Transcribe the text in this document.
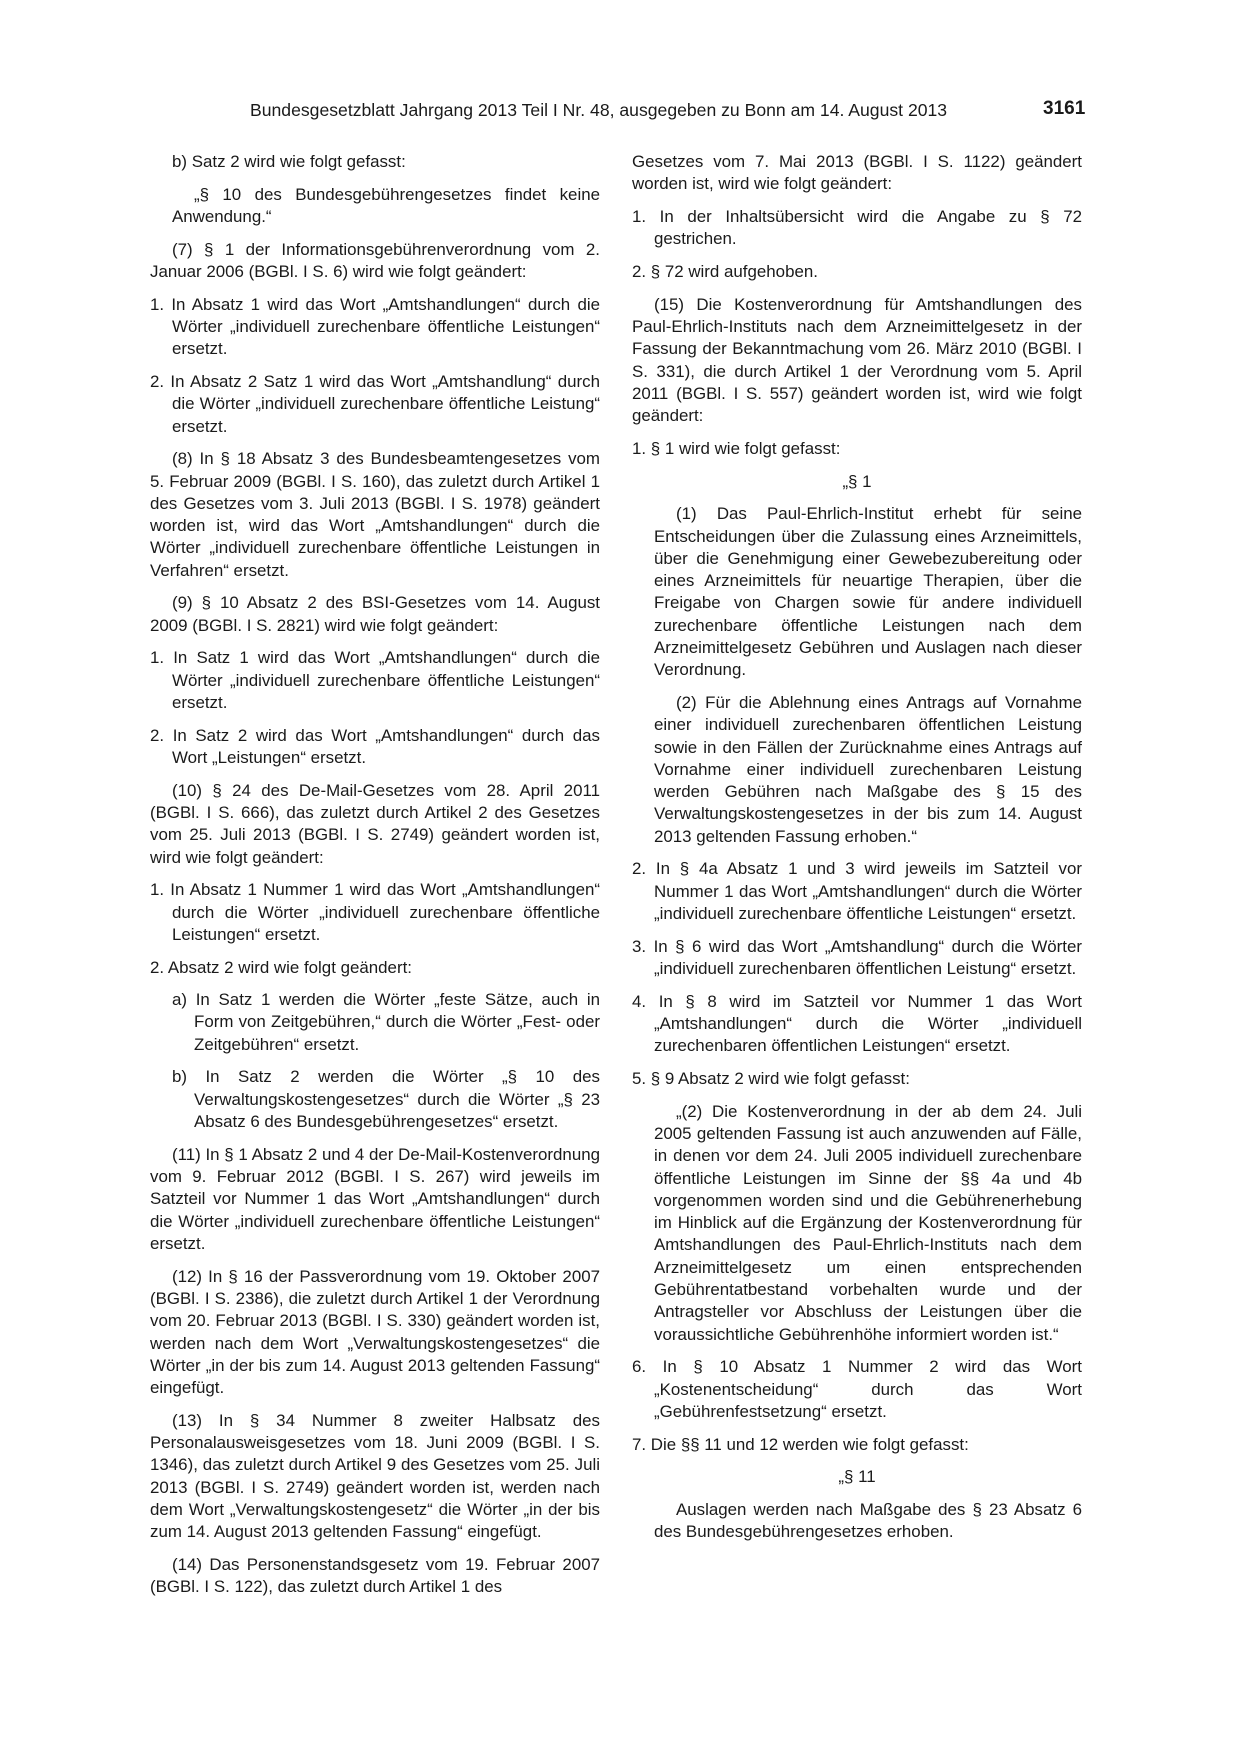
Bundesgesetzblatt Jahrgang 2013 Teil I Nr. 48, ausgegeben zu Bonn am 14. August 2013	3161

b) Satz 2 wird wie folgt gefasst:

„§ 10 des Bundesgebührengesetzes findet keine Anwendung.“

(7) § 1 der Informationsgebührenverordnung vom 2. Januar 2006 (BGBl. I S. 6) wird wie folgt geändert:

1. In Absatz 1 wird das Wort „Amtshandlungen“ durch die Wörter „individuell zurechenbare öffentliche Leistungen“ ersetzt.

2. In Absatz 2 Satz 1 wird das Wort „Amtshandlung“ durch die Wörter „individuell zurechenbare öffentliche Leistung“ ersetzt.

(8) In § 18 Absatz 3 des Bundesbeamtengesetzes vom 5. Februar 2009 (BGBl. I S. 160), das zuletzt durch Artikel 1 des Gesetzes vom 3. Juli 2013 (BGBl. I S. 1978) geändert worden ist, wird das Wort „Amtshandlungen“ durch die Wörter „individuell zurechenbare öffentliche Leistungen in Verfahren“ ersetzt.

(9) § 10 Absatz 2 des BSI-Gesetzes vom 14. August 2009 (BGBl. I S. 2821) wird wie folgt geändert:

1. In Satz 1 wird das Wort „Amtshandlungen“ durch die Wörter „individuell zurechenbare öffentliche Leistungen“ ersetzt.

2. In Satz 2 wird das Wort „Amtshandlungen“ durch das Wort „Leistungen“ ersetzt.

(10) § 24 des De-Mail-Gesetzes vom 28. April 2011 (BGBl. I S. 666), das zuletzt durch Artikel 2 des Gesetzes vom 25. Juli 2013 (BGBl. I S. 2749) geändert worden ist, wird wie folgt geändert:

1. In Absatz 1 Nummer 1 wird das Wort „Amtshandlungen“ durch die Wörter „individuell zurechenbare öffentliche Leistungen“ ersetzt.

2. Absatz 2 wird wie folgt geändert:

a) In Satz 1 werden die Wörter „feste Sätze, auch in Form von Zeitgebühren,“ durch die Wörter „Fest- oder Zeitgebühren“ ersetzt.

b) In Satz 2 werden die Wörter „§ 10 des Verwaltungskostengesetzes“ durch die Wörter „§ 23 Absatz 6 des Bundesgebührengesetzes“ ersetzt.

(11) In § 1 Absatz 2 und 4 der De-Mail-Kostenverordnung vom 9. Februar 2012 (BGBl. I S. 267) wird jeweils im Satzteil vor Nummer 1 das Wort „Amtshandlungen“ durch die Wörter „individuell zurechenbare öffentliche Leistungen“ ersetzt.

(12) In § 16 der Passverordnung vom 19. Oktober 2007 (BGBl. I S. 2386), die zuletzt durch Artikel 1 der Verordnung vom 20. Februar 2013 (BGBl. I S. 330) geändert worden ist, werden nach dem Wort „Verwaltungskostengesetzes“ die Wörter „in der bis zum 14. August 2013 geltenden Fassung“ eingefügt.

(13) In § 34 Nummer 8 zweiter Halbsatz des Personalausweisgesetzes vom 18. Juni 2009 (BGBl. I S. 1346), das zuletzt durch Artikel 9 des Gesetzes vom 25. Juli 2013 (BGBl. I S. 2749) geändert worden ist, werden nach dem Wort „Verwaltungskostengesetz“ die Wörter „in der bis zum 14. August 2013 geltenden Fassung“ eingefügt.

(14) Das Personenstandsgesetz vom 19. Februar 2007 (BGBl. I S. 122), das zuletzt durch Artikel 1 des

Gesetzes vom 7. Mai 2013 (BGBl. I S. 1122) geändert worden ist, wird wie folgt geändert:

1. In der Inhaltsübersicht wird die Angabe zu § 72 gestrichen.

2. § 72 wird aufgehoben.

(15) Die Kostenverordnung für Amtshandlungen des Paul-Ehrlich-Instituts nach dem Arzneimittelgesetz in der Fassung der Bekanntmachung vom 26. März 2010 (BGBl. I S. 331), die durch Artikel 1 der Verordnung vom 5. April 2011 (BGBl. I S. 557) geändert worden ist, wird wie folgt geändert:

1. § 1 wird wie folgt gefasst:

„§ 1

(1) Das Paul-Ehrlich-Institut erhebt für seine Entscheidungen über die Zulassung eines Arzneimittels, über die Genehmigung einer Gewebezubereitung oder eines Arzneimittels für neuartige Therapien, über die Freigabe von Chargen sowie für andere individuell zurechenbare öffentliche Leistungen nach dem Arzneimittelgesetz Gebühren und Auslagen nach dieser Verordnung.

(2) Für die Ablehnung eines Antrags auf Vornahme einer individuell zurechenbaren öffentlichen Leistung sowie in den Fällen der Zurücknahme eines Antrags auf Vornahme einer individuell zurechenbaren Leistung werden Gebühren nach Maßgabe des § 15 des Verwaltungskostengesetzes in der bis zum 14. August 2013 geltenden Fassung erhoben.“

2. In § 4a Absatz 1 und 3 wird jeweils im Satzteil vor Nummer 1 das Wort „Amtshandlungen“ durch die Wörter „individuell zurechenbare öffentliche Leistungen“ ersetzt.

3. In § 6 wird das Wort „Amtshandlung“ durch die Wörter „individuell zurechenbaren öffentlichen Leistung“ ersetzt.

4. In § 8 wird im Satzteil vor Nummer 1 das Wort „Amtshandlungen“ durch die Wörter „individuell zurechenbaren öffentlichen Leistungen“ ersetzt.

5. § 9 Absatz 2 wird wie folgt gefasst:

„(2) Die Kostenverordnung in der ab dem 24. Juli 2005 geltenden Fassung ist auch anzuwenden auf Fälle, in denen vor dem 24. Juli 2005 individuell zurechenbare öffentliche Leistungen im Sinne der §§ 4a und 4b vorgenommen worden sind und die Gebührenerhebung im Hinblick auf die Ergänzung der Kostenverordnung für Amtshandlungen des Paul-Ehrlich-Instituts nach dem Arzneimittelgesetz um einen entsprechenden Gebührentatbestand vorbehalten wurde und der Antragsteller vor Abschluss der Leistungen über die voraussichtliche Gebührenhöhe informiert worden ist.“

6. In § 10 Absatz 1 Nummer 2 wird das Wort „Kostenentscheidung“ durch das Wort „Gebührenfestsetzung“ ersetzt.

7. Die §§ 11 und 12 werden wie folgt gefasst:

„§ 11

Auslagen werden nach Maßgabe des § 23 Absatz 6 des Bundesgebührengesetzes erhoben.
